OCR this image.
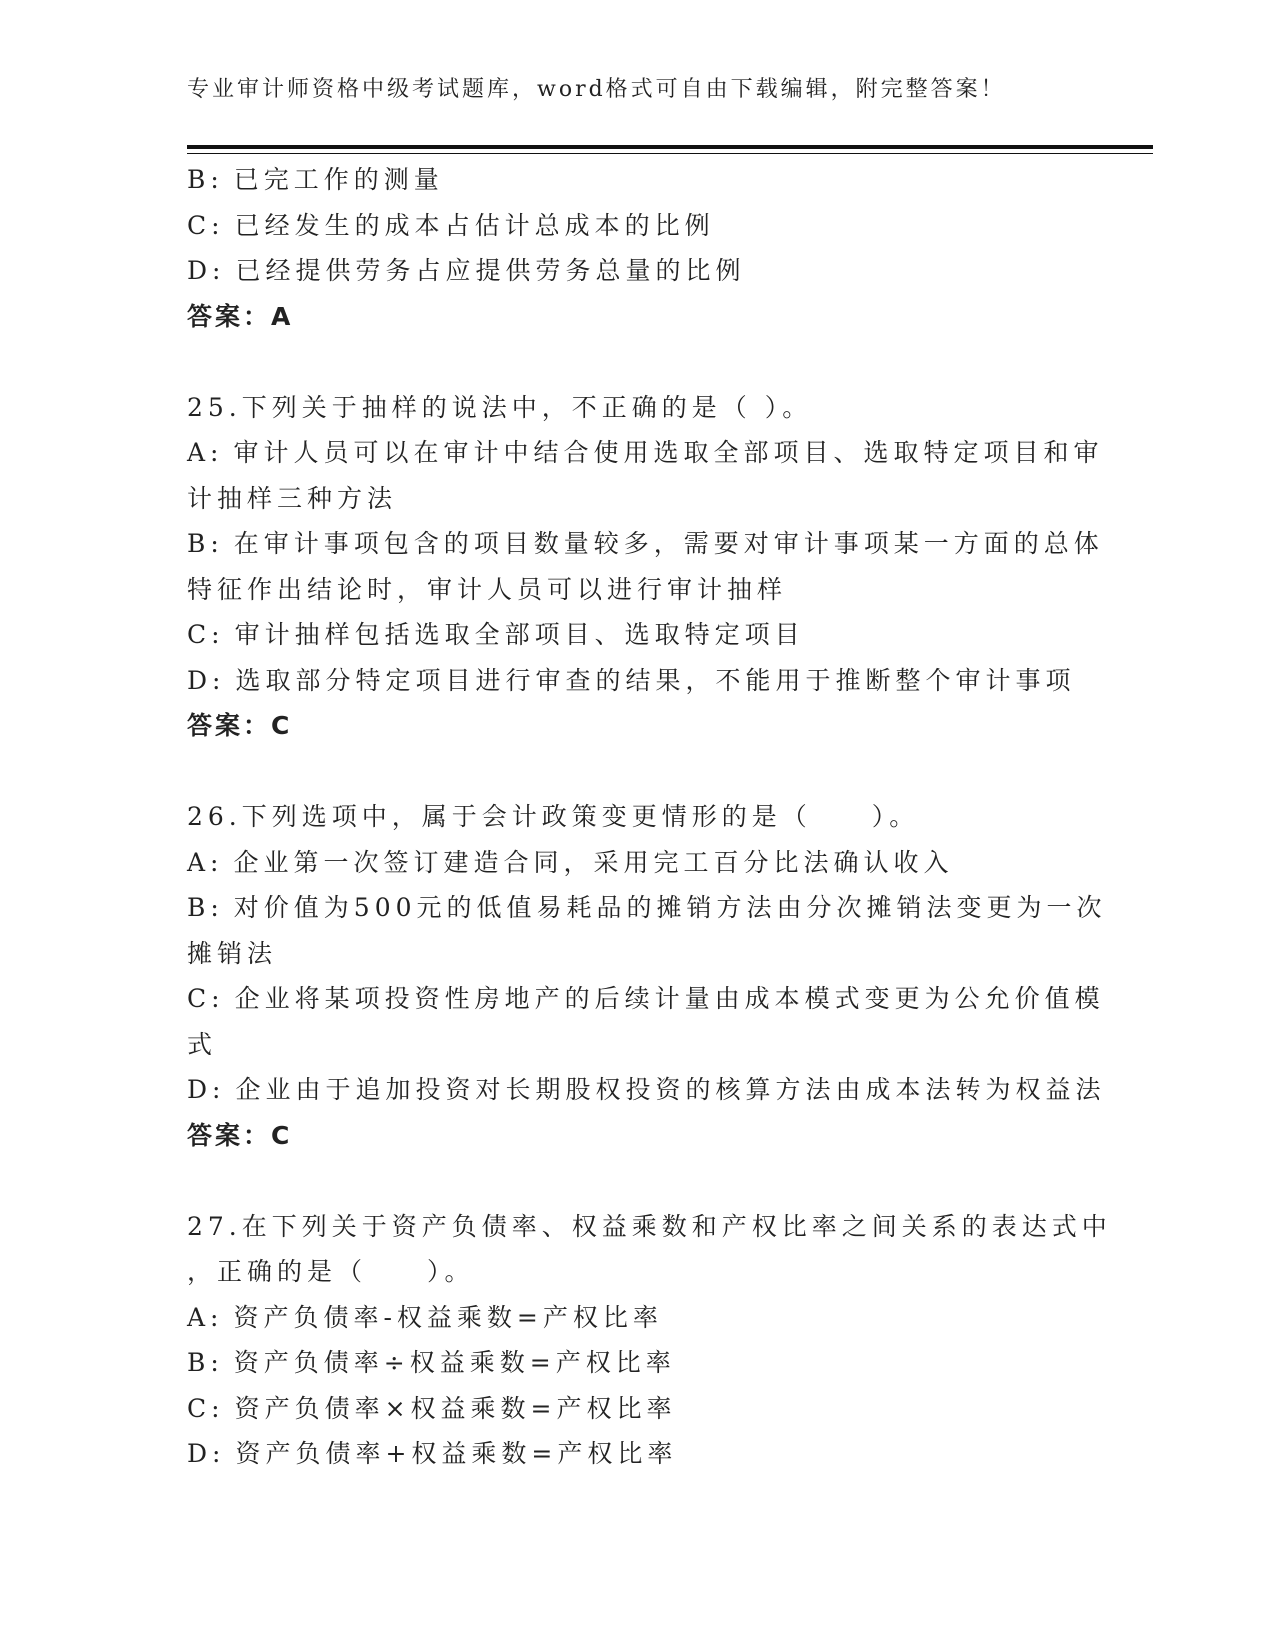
专业审计师资格中级考试题库，word格式可自由下载编辑，附完整答案！
B: 已完工作的测量
C: 已经发生的成本占估计总成本的比例
D: 已经提供劳务占应提供劳务总量的比例
答案：A
25.下列关于抽样的说法中，不正确的是（ ）。
A: 审计人员可以在审计中结合使用选取全部项目、选取特定项目和审
计抽样三种方法
B: 在审计事项包含的项目数量较多，需要对审计事项某一方面的总体
特征作出结论时，审计人员可以进行审计抽样
C: 审计抽样包括选取全部项目、选取特定项目
D: 选取部分特定项目进行审查的结果，不能用于推断整个审计事项
答案：C
26.下列选项中，属于会计政策变更情形的是（　　）。
A: 企业第一次签订建造合同，采用完工百分比法确认收入
B: 对价值为500元的低值易耗品的摊销方法由分次摊销法变更为一次
摊销法
C: 企业将某项投资性房地产的后续计量由成本模式变更为公允价值模
式
D: 企业由于追加投资对长期股权投资的核算方法由成本法转为权益法
答案：C
27.在下列关于资产负债率、权益乘数和产权比率之间关系的表达式中
，正确的是（　　）。
A: 资产负债率-权益乘数=产权比率
B: 资产负债率÷权益乘数=产权比率
C: 资产负债率×权益乘数=产权比率
D: 资产负债率+权益乘数=产权比率
